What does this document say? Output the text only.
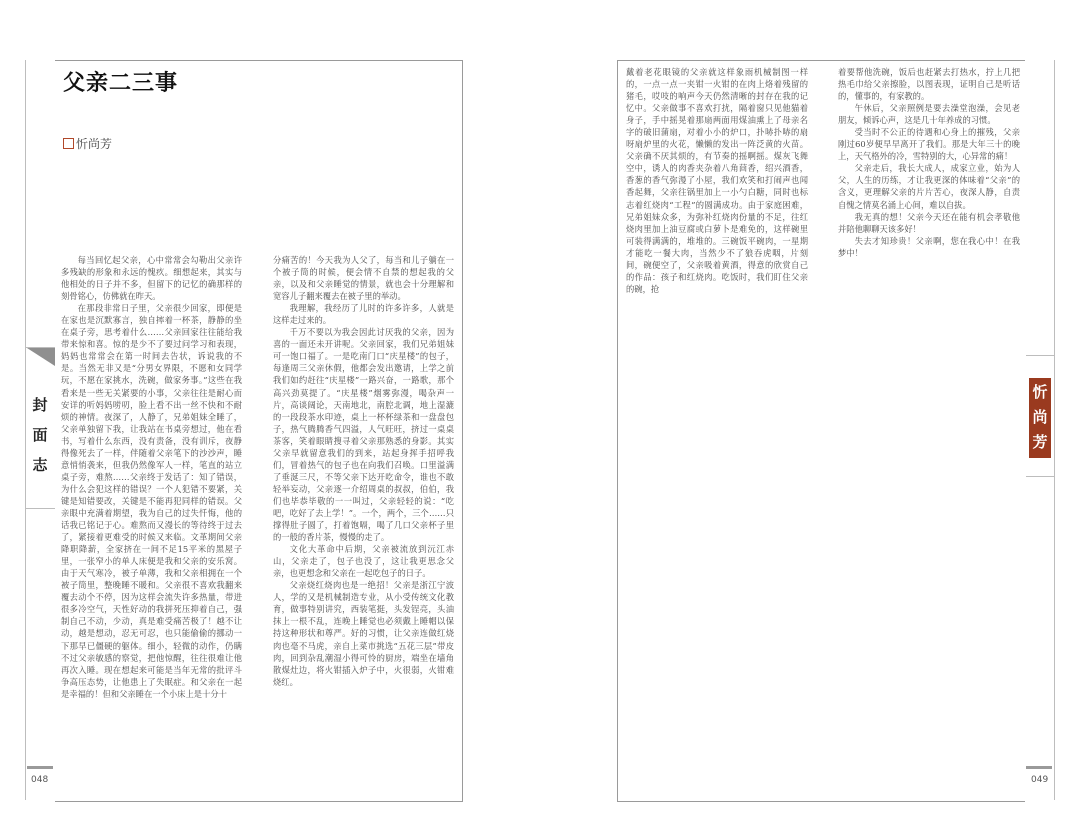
父亲二三事
忻尚芳
封面志

每当回忆起父亲，心中常常会勾勒出父亲许多残缺的形象和永远的愧疚。细想起来，其实与他相处的日子并不多，但留下的记忆的确那样的刻骨铭心，仿佛就在昨天。

在那段非常日子里，父亲很少回家，即便是在家也是沉默寡言，独自摔着一杯茶，静静的坐在桌子旁，思考着什么……父亲回家往往能给我带来惊和喜。惊的是少不了要过问学习和表现，妈妈也常常会在第一时间去告状，诉说我的不是。当然无非又是“分男女界限，不愿和女同学玩，不愿在家挑水，洗碗，做家务事。”这些在我看来是一些无关紧要的小事，父亲往往是耐心而安详的听妈妈唠叨，脸上看不出一丝不快和不耐烦的神情。夜深了，人静了，兄弟姐妹全睡了，父亲单独留下我，让我站在书桌旁想过，他在看书，写着什么东西，没有责备，没有训斥，夜静得像死去了一样，伴随着父亲笔下的沙沙声，睡意悄悄袭来，但我仍然像军人一样，笔直的站立桌子旁，难熬……父亲终于发话了：知了错误，为什么会犯这样的错误？一个人犯错不要紧，关键是知错要改，关键是不能再犯同样的错误。父亲眼中充满着期望，我为自己的过失忏悔，他的话我已铭记于心。难熬而又漫长的等待终于过去了，紧接着更难受的时候又来临。文革期间父亲降职降薪，全家挤在一间不足15平米的黑屋子里，一张窄小的单人床便是我和父亲的安乐窝。由于天气寒冷，被子单薄，我和父亲相拥在一个被子筒里，整晚睡不暖和。父亲很不喜欢我翻来覆去动个不停，因为这样会流失许多热量，带进很多冷空气，天性好动的我拼死压抑着自己，强制自己不动，少动，真是难受痛苦极了！越不让动，越是想动，忍无可忍，也只能偷偷的挪动一下那早已僵硬的躯体。细小，轻微的动作，仍瞒不过父亲敏感的察觉，把他惊醒，往往很难让他再次入睡。现在想起来可能是当年无常的批评斗争高压态势，让他患上了失眠症。和父亲在一起是幸福的！但和父亲睡在一个小床上是十分十

分痛苦的！今天我为人父了，每当和儿子躺在一个被子筒的时候，便会情不自禁的想起我的父亲，以及和父亲睡觉的情景，就也会十分理解和宽容儿子翻来覆去在被子里的举动。

我理解，我经历了儿时的许多许多，人就是这样走过来的。

千万不要以为我会因此讨厌我的父亲，因为喜的一面还未开讲呢。父亲回家，我们兄弟姐妹可一饱口福了。一是吃南门口“庆星楼”的包子，每逢周三父亲休假，他都会发出邀请，上学之前我们如约赶往“庆星楼”一路兴奋，一路歌，那个高兴劲莫提了。“庆星楼”烟雾弥漫，喝杂声一片，高谈阔论，天南地北，南腔北调，地上湿漉的一段段茶水印迹，桌上一杯杯绿茶和一盘盘包子，热气腾腾香气四溢，人气旺旺，挤过一桌桌茶客，笑着眼睛搜寻着父亲那熟悉的身影。其实父亲早就留意我们的到来，站起身挥手招呼我们，冒着热气的包子也在向我们召唤。口里溢满了垂涎三尺，不等父亲下达开吃命令，谁也不敢轻举妄动，父亲逐一介绍周桌的叔叔，伯伯，我们也毕恭毕敬的一一叫过，父亲轻轻的说：“吃吧，吃好了去上学！”。一个，两个，三个……只撑得肚子圆了，打着饱嗝，喝了几口父亲杯子里的一般的香片茶，慢慢的走了。

文化大革命中后期，父亲被流放到沅江赤山，父亲走了，包子也没了，这让我更思念父亲，也更想念和父亲在一起吃包子的日子。

父亲烧红烧肉也是一绝招！父亲是浙江宁波人，学的又是机械制造专业，从小受传统文化教育，做事特别讲究，西装笔挺，头发锃亮，头油抹上一根不乱，连晚上睡觉也必须戴上睡帽以保持这种形状和尊严。好的习惯，让父亲连做红烧肉也毫不马虎，亲自上菜市挑选“五花三层”带皮肉，回到杂乱潮湿小得可怜的厨房，端坐在墙角散煤灶边，将火钳插入炉子中，火很弱，火钳难烧红。

048

戴着老花眼镜的父亲就这样象雨机械制图一样的，一点一点一夹钳一火钳的在肉上烙着残留的猪毛，哎吱的响声今天仍然清晰的封存在我的记忆中。父亲做事不喜欢打扰，隔着窗只见他猫着身子，手中摇晃着那扇两面用煤油熏上了母亲名字的破旧蒲扇，对着小小的炉口，扑哧扑哧的扇呀扇炉里的火花，懒懒的发出一阵泛黄的火苗。父亲确不厌其烦的，有节奏的摇啊摇。煤灰飞舞空中，诱人的肉香夹杂着八角茴香，绍兴酒香，香葱的香气弥漫了小屋，我们欢笑和打闹声也闻香起舞，父亲往锅里加上一小勺白糖，同时也标志着红烧肉“工程”的圆满成功。由于家庭困难，兄弟姐妹众多，为弥补红烧肉份量的不足，往红烧肉里加上油豆腐或白萝卜是难免的，这样碗里可装得满满的，堆堆的。三碗饭平碗肉，一星期才能吃一餐大肉，当然少不了狼吞虎咽，片刻间，碗便空了，父亲吸着黄酒，得意的欣赏自己的作品：孩子和红烧肉。吃饭时，我们盯住父亲的碗，抢

着要帮他洗碗，饭后也赶紧去打热水，拧上几把热毛巾给父亲擦脸，以图表现，证明自己是听话的，懂事的，有家教的。

午休后，父亲照例是要去澡堂泡澡，会见老朋友，倾诉心声，这是几十年养成的习惯。

受当时不公正的待遇和心身上的摧残，父亲刚过60岁便早早离开了我们。那是大年三十的晚上，天气格外的冷，雪特别的大，心异常的痛！

父亲走后，我长大成人，成家立业，始为人父，人生的历练，才让我更深的体味着“父亲”的含义，更理解父亲的片片苦心，夜深人静，自责自愧之情莫名涌上心间，难以自拔。

我无真的想！父亲今天还在能有机会孝敬他并陪他聊聊天该多好！

失去才知珍贵！父亲啊，您在我心中！在我梦中！

忻尚芳
049
